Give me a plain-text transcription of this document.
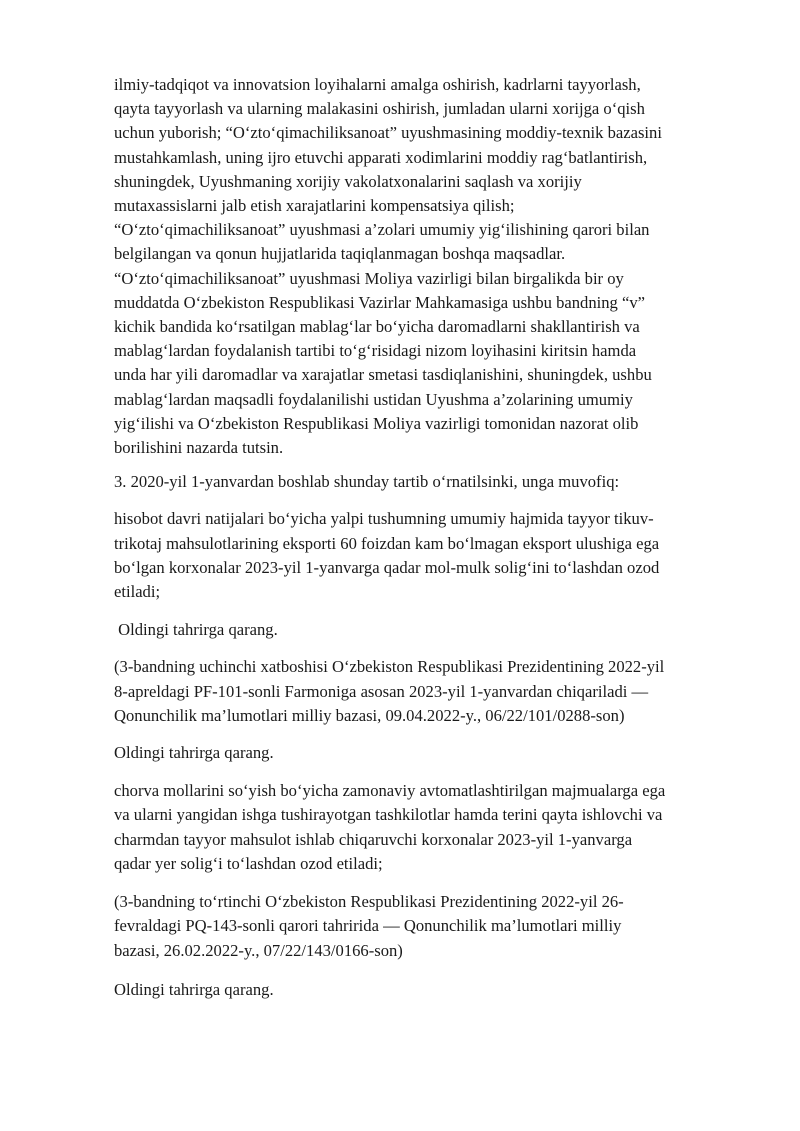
ilmiy-tadqiqot va innovatsion loyihalarni amalga oshirish, kadrlarni tayyorlash,
qayta tayyorlash va ularning malakasini oshirish, jumladan ularni xorijga o‘qish
uchun yuborish; “O‘zto‘qimachiliksanoat” uyushmasining moddiy-texnik bazasini
mustahkamlash, uning ijro etuvchi apparati xodimlarini moddiy rag‘batlantirish,
shuningdek, Uyushmaning xorijiy vakolatxonalarini saqlash va xorijiy
mutaxassislarni jalb etish xarajatlarini kompensatsiya qilish;
“O‘zto‘qimachiliksanoat” uyushmasi a’zolari umumiy yig‘ilishining qarori bilan
belgilangan va qonun hujjatlarida taqiqlanmagan boshqa maqsadlar.
“O‘zto‘qimachiliksanoat” uyushmasi Moliya vazirligi bilan birgalikda bir oy
muddatda O‘zbekiston Respublikasi Vazirlar Mahkamasiga ushbu bandning “v”
kichik bandida ko‘rsatilgan mablag‘lar bo‘yicha daromadlarni shakllantirish va
mablag‘lardan foydalanish tartibi to‘g‘risidagi nizom loyihasini kiritsin hamda
unda har yili daromadlar va xarajatlar smetasi tasdiqlanishini, shuningdek, ushbu
mablag‘lardan maqsadli foydalanilishi ustidan Uyushma a’zolarining umumiy
yig‘ilishi va O‘zbekiston Respublikasi Moliya vazirligi tomonidan nazorat olib
borilishini nazarda tutsin.
3. 2020-yil 1-yanvardan boshlab shunday tartib o‘rnatilsinki, unga muvofiq:
hisobot davri natijalari bo‘yicha yalpi tushumning umumiy hajmida tayyor tikuv-
trikotaj mahsulotlarining eksporti 60 foizdan kam bo‘lmagan eksport ulushiga ega
bo‘lgan korxonalar 2023-yil 1-yanvarga qadar mol-mulk solig‘ini to‘lashdan ozod
etiladi;
Oldingi tahrirga qarang.
(3-bandning uchinchi xatboshisi O‘zbekiston Respublikasi Prezidentining 2022-yil
8-apreldagi PF-101-sonli Farmoniga asosan 2023-yil 1-yanvardan chiqariladi —
Qonunchilik ma’lumotlari milliy bazasi, 09.04.2022-y., 06/22/101/0288-son)
Oldingi tahrirga qarang.
chorva mollarini so‘yish bo‘yicha zamonaviy avtomatlashtirilgan majmualarga ega
va ularni yangidan ishga tushirayotgan tashkilotlar hamda terini qayta ishlovchi va
charmdan tayyor mahsulot ishlab chiqaruvchi korxonalar 2023-yil 1-yanvarga
qadar yer solig‘i to‘lashdan ozod etiladi;
(3-bandning to‘rtinchi O‘zbekiston Respublikasi Prezidentining 2022-yil 26-
fevraldagi PQ-143-sonli qarori tahririda — Qonunchilik ma’lumotlari milliy
bazasi, 26.02.2022-y., 07/22/143/0166-son)
Oldingi tahrirga qarang.
